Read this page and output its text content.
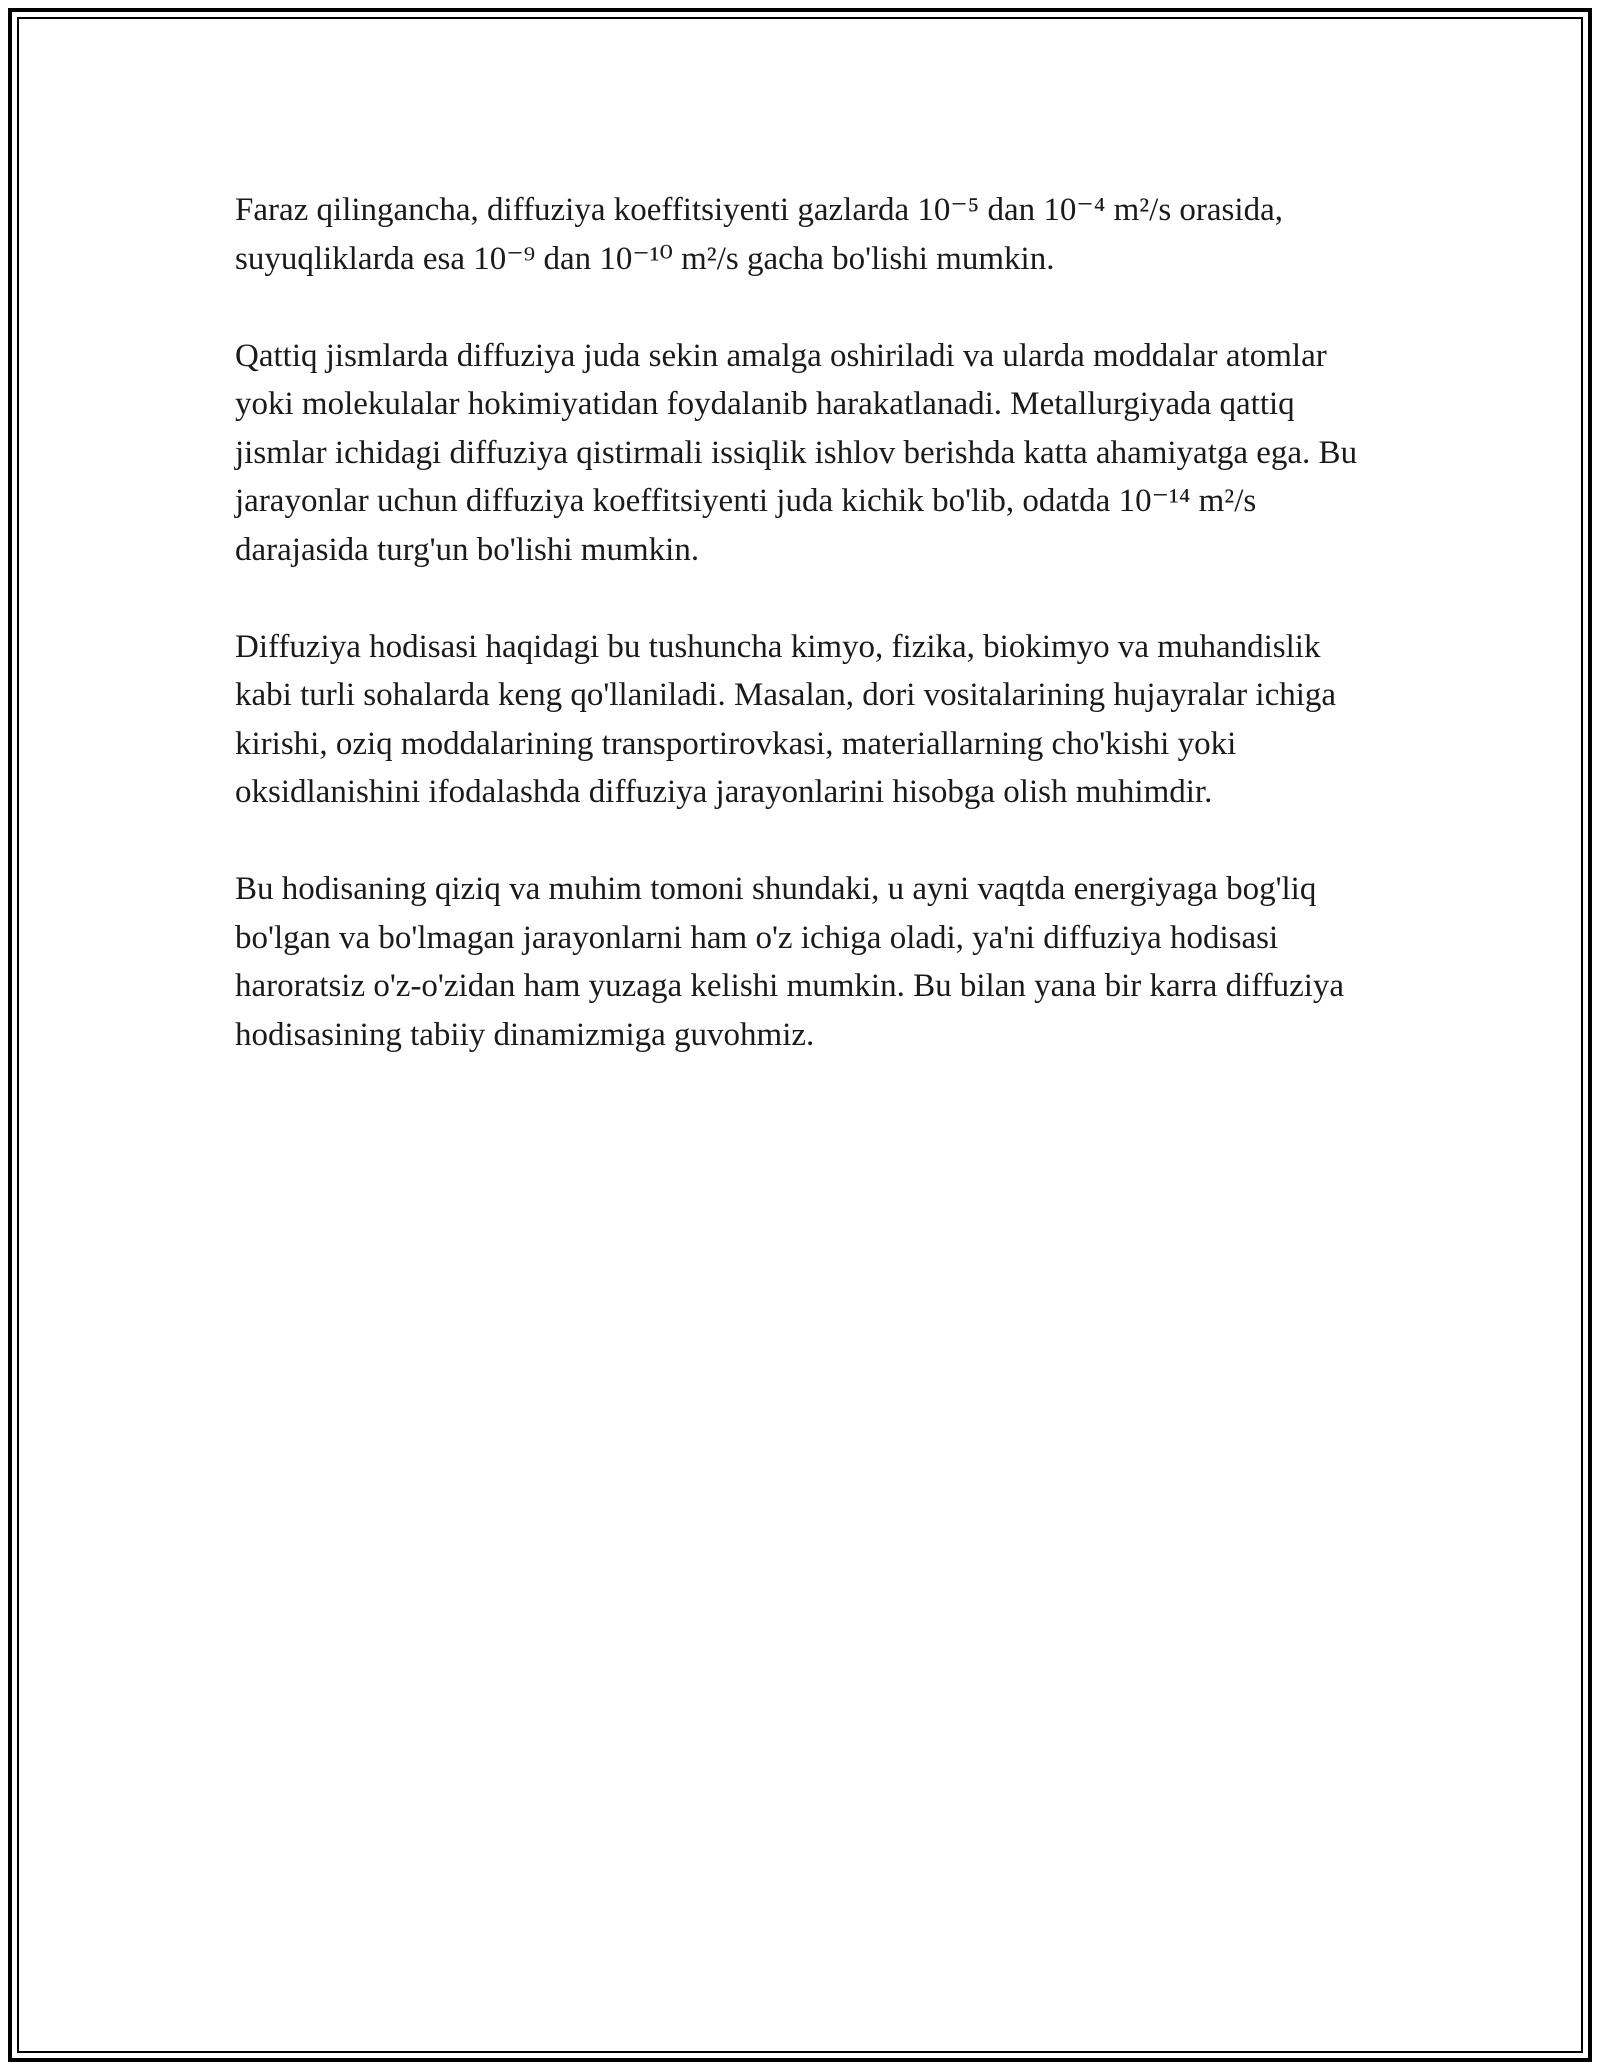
Faraz qilingancha, diffuziya koeffitsiyenti gazlarda 10⁻⁵ dan 10⁻⁴ m²/s orasida, suyuqliklarda esa 10⁻⁹ dan 10⁻¹⁰ m²/s gacha bo'lishi mumkin.

Qattiq jismlarda diffuziya juda sekin amalga oshiriladi va ularda moddalar atomlar yoki molekulalar hokimiyatidan foydalanib harakatlanadi. Metallurgiyada qattiq jismlar ichidagi diffuziya qistirmali issiqlik ishlov berishda katta ahamiyatga ega. Bu jarayonlar uchun diffuziya koeffitsiyenti juda kichik bo'lib, odatda 10⁻¹⁴ m²/s darajasida turg'un bo'lishi mumkin.

Diffuziya hodisasi haqidagi bu tushuncha kimyo, fizika, biokimyo va muhandislik kabi turli sohalarda keng qo'llaniladi. Masalan, dori vositalarining hujayralar ichiga kirishi, oziq moddalarining transportirovkasi, materiallarning cho'kishi yoki oksidlanishini ifodalashda diffuziya jarayonlarini hisobga olish muhimdir.

Bu hodisaning qiziq va muhim tomoni shundaki, u ayni vaqtda energiyaga bog'liq bo'lgan va bo'lmagan jarayonlarni ham o'z ichiga oladi, ya'ni diffuziya hodisasi haroratsiz o'z-o'zidan ham yuzaga kelishi mumkin. Bu bilan yana bir karra diffuziya hodisasining tabiiy dinamizmiga guvohmiz.
